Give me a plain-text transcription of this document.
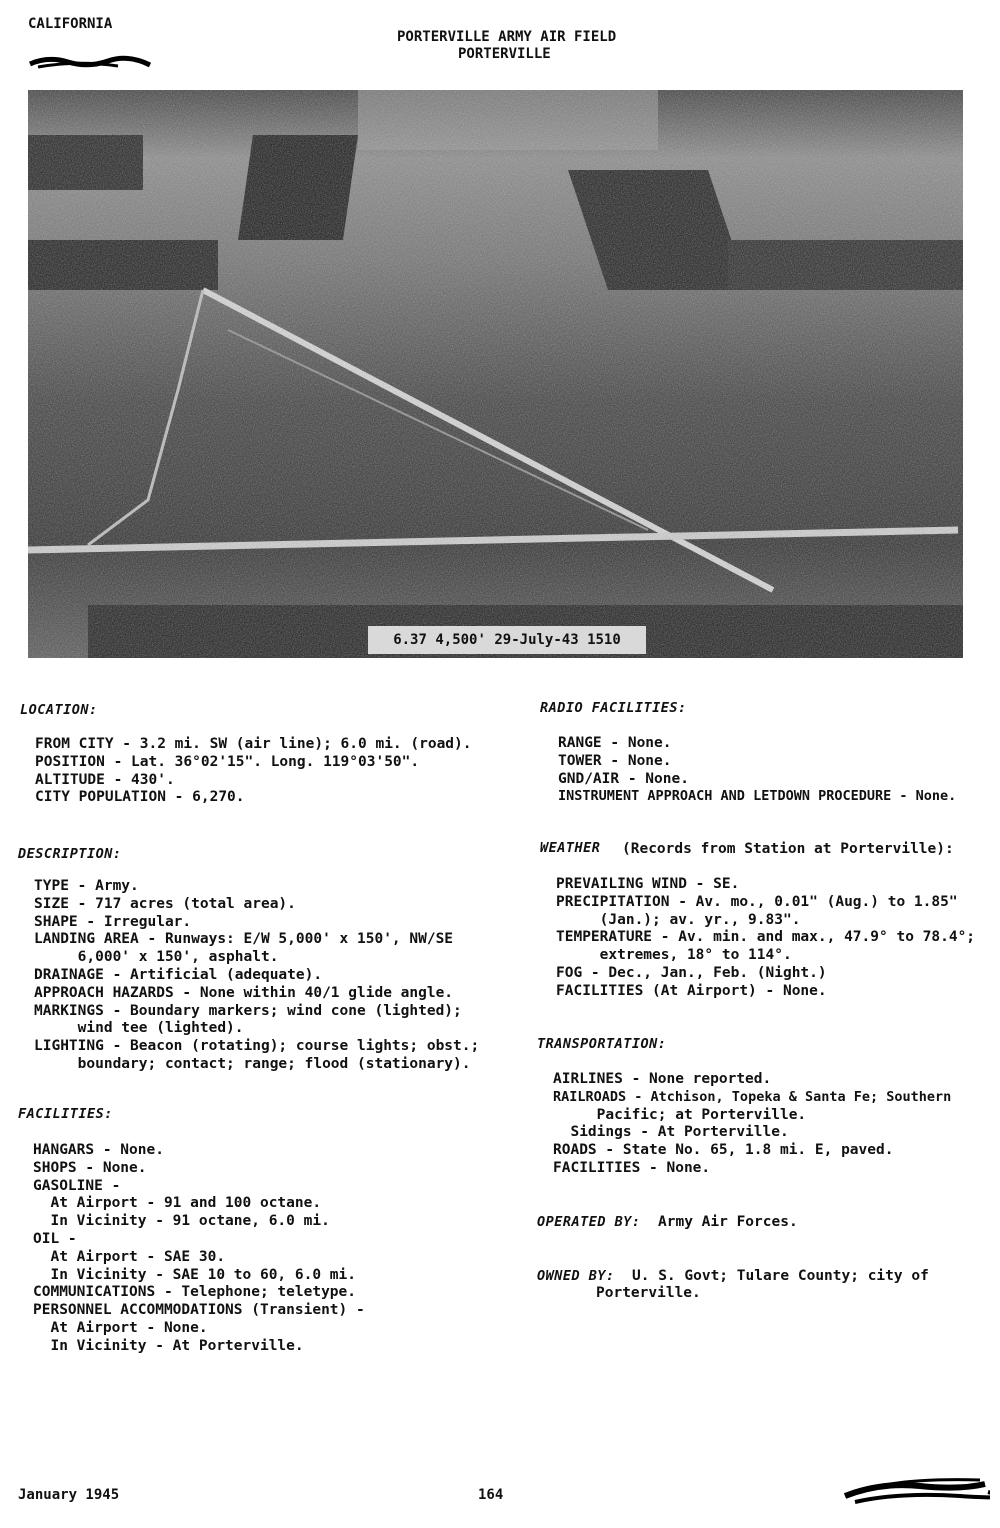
CALIFORNIA
PORTERVILLE ARMY AIR FIELD
PORTERVILLE
6.37 4,500' 29-July-43 1510
LOCATION:
FROM CITY - 3.2 mi. SW (air line); 6.0 mi. (road).
POSITION - Lat. 36°02'15". Long. 119°03'50".
ALTITUDE - 430'.
CITY POPULATION - 6,270.
DESCRIPTION:
TYPE - Army.
SIZE - 717 acres (total area).
SHAPE - Irregular.
LANDING AREA - Runways: E/W 5,000' x 150', NW/SE
6,000' x 150', asphalt.
DRAINAGE - Artificial (adequate).
APPROACH HAZARDS - None within 40/1 glide angle.
MARKINGS - Boundary markers; wind cone (lighted);
wind tee (lighted).
LIGHTING - Beacon (rotating); course lights; obst.;
boundary; contact; range; flood (stationary).
FACILITIES:
HANGARS - None.
SHOPS - None.
GASOLINE -
At Airport - 91 and 100 octane.
In Vicinity - 91 octane, 6.0 mi.
OIL -
At Airport - SAE 30.
In Vicinity - SAE 10 to 60, 6.0 mi.
COMMUNICATIONS - Telephone; teletype.
PERSONNEL ACCOMMODATIONS (Transient) -
At Airport - None.
In Vicinity - At Porterville.
RADIO FACILITIES:
RANGE - None.
TOWER - None.
GND/AIR - None.
INSTRUMENT APPROACH AND LETDOWN PROCEDURE - None.
WEATHER (Records from Station at Porterville):
PREVAILING WIND - SE.
PRECIPITATION - Av. mo., 0.01" (Aug.) to 1.85"
(Jan.); av. yr., 9.83".
TEMPERATURE - Av. min. and max., 47.9° to 78.4°;
extremes, 18° to 114°.
FOG - Dec., Jan., Feb. (Night.)
FACILITIES (At Airport) - None.
TRANSPORTATION:
AIRLINES - None reported.
RAILROADS - Atchison, Topeka & Santa Fe; Southern
Pacific; at Porterville.
Sidings - At Porterville.
ROADS - State No. 65, 1.8 mi. E, paved.
FACILITIES - None.
OPERATED BY: Army Air Forces.
OWNED BY: U. S. Govt; Tulare County; city of
Porterville.
January 1945	164
